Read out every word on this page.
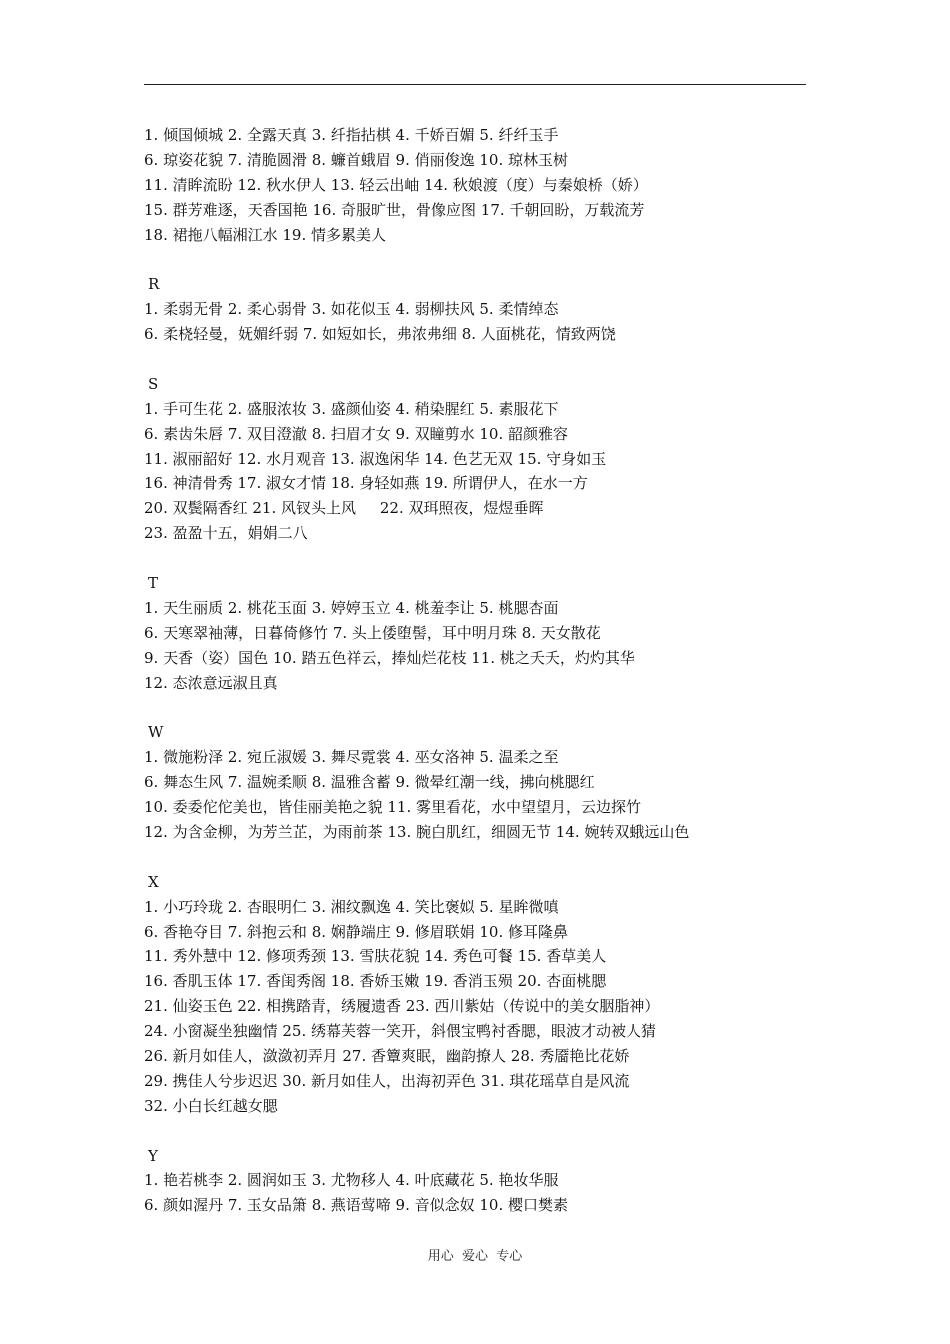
1. 倾国倾城 2. 全露天真 3. 纤指拈棋 4. 千娇百媚 5. 纤纤玉手
6. 琼姿花貌 7. 清脆圆滑 8. 蠊首蛾眉 9. 俏丽俊逸 10. 琼林玉树
11. 清眸流盼 12. 秋水伊人 13. 轻云出岫 14. 秋娘渡（度）与秦娘桥（娇）
15. 群芳难逐，天香国艳 16. 奇服旷世，骨像应图 17. 千朝回盼，万载流芳
18. 裙拖八幅湘江水 19. 情多累美人
R
1. 柔弱无骨 2. 柔心弱骨 3. 如花似玉 4. 弱柳扶风 5. 柔情绰态
6. 柔桡轻曼，妩媚纤弱 7. 如短如长，弗浓弗细 8. 人面桃花，情致两饶
S
1. 手可生花 2. 盛服浓妆 3. 盛颜仙姿 4. 稍染腥红 5. 素服花下
6. 素齿朱唇 7. 双目澄澈 8. 扫眉才女 9. 双瞳剪水 10. 韶颜雅容
11. 淑丽韶好 12. 水月观音 13. 淑逸闲华 14. 色艺无双 15. 守身如玉
16. 神清骨秀 17. 淑女才情 18. 身轻如燕 19. 所谓伊人，在水一方
20. 双鬓隔香红 21. 风钗头上风     22. 双珥照夜，煜煜垂晖
23. 盈盈十五，娟娟二八
T
1. 天生丽质 2. 桃花玉面 3. 婷婷玉立 4. 桃羞李让 5. 桃腮杏面
6. 天寒翠袖薄，日暮倚修竹 7. 头上倭堕髻，耳中明月珠 8. 天女散花
9. 天香（姿）国色 10. 踏五色祥云，捧灿烂花枝 11. 桃之夭夭，灼灼其华
12. 态浓意远淑且真
W
1. 微施粉泽 2. 宛丘淑媛 3. 舞尽霓裳 4. 巫女洛神 5. 温柔之至
6. 舞态生风 7. 温婉柔顺 8. 温雅含蓄 9. 微晕红潮一线，拂向桃腮红
10. 委委佗佗美也，皆佳丽美艳之貌 11. 雾里看花，水中望望月，云边探竹
12. 为含金柳，为芳兰芷，为雨前茶 13. 腕白肌红，细圆无节 14. 婉转双蛾远山色
X
1. 小巧玲珑 2. 杏眼明仁 3. 湘纹飘逸 4. 笑比褒姒 5. 星眸微嗔
6. 香艳夺目 7. 斜抱云和 8. 娴静端庄 9. 修眉联娟 10. 修耳隆鼻
11. 秀外慧中 12. 修项秀颈 13. 雪肤花貌 14. 秀色可餐 15. 香草美人
16. 香肌玉体 17. 香闺秀阁 18. 香娇玉嫩 19. 香消玉殒 20. 杏面桃腮
21. 仙姿玉色 22. 相携踏青，绣履遗香 23. 西川紫姑（传说中的美女胭脂神）
24. 小窗凝坐独幽情 25. 绣幕芙蓉一笑开，斜偎宝鸭衬香腮，眼波才动被人猜
26. 新月如佳人，潋潋初弄月 27. 香簟爽眠，幽韵撩人 28. 秀靥艳比花娇
29. 携佳人兮步迟迟 30. 新月如佳人，出海初弄色 31. 琪花瑶草自是风流
32. 小白长红越女腮
Y
1. 艳若桃李 2. 圆润如玉 3. 尤物移人 4. 叶底藏花 5. 艳妆华服
6. 颜如渥丹 7. 玉女品箫 8. 燕语莺啼 9. 音似念奴 10. 樱口樊素
用心  爱心  专心
